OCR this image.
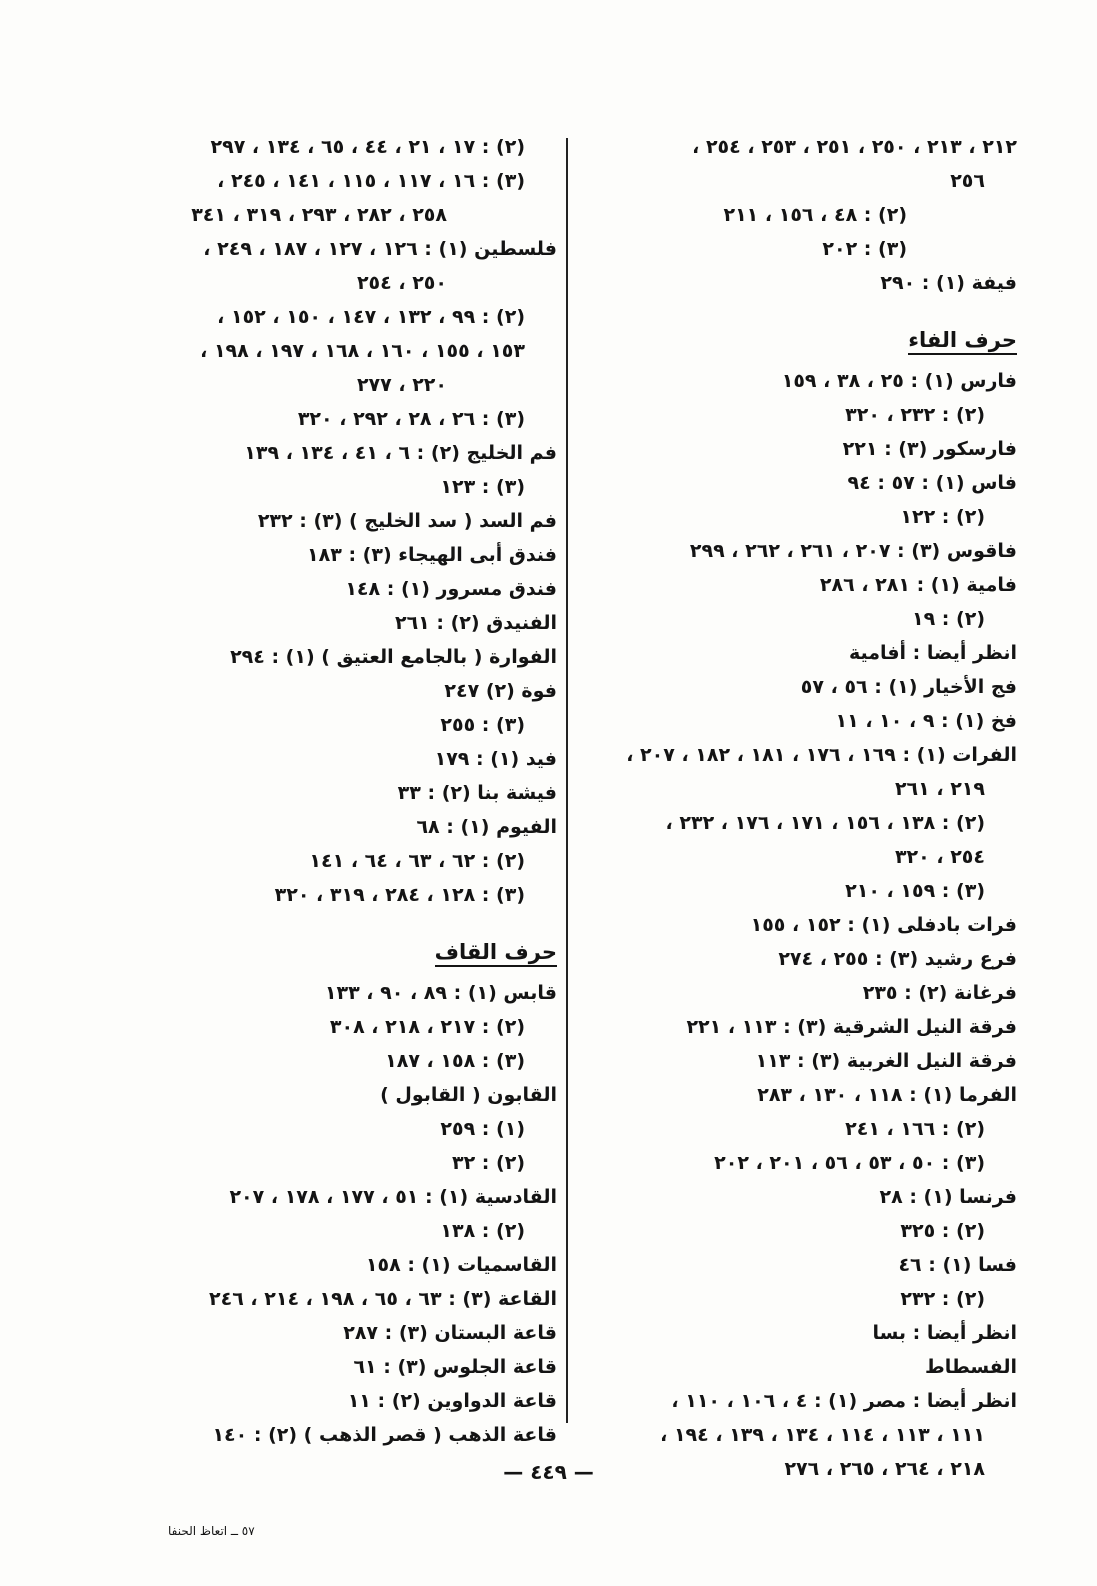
٢١٢ ، ٢١٣ ، ٢٥٠ ، ٢٥١ ، ٢٥٣ ، ٢٥٤ ،
٢٥٦
(٢) : ٤٨ ، ١٥٦ ، ٢١١
(٣) : ٢٠٢
فيفة (١) : ٢٩٠
حرف الفاء
فارس (١) : ٢٥ ، ٣٨ ، ١٥٩
(٢) : ٢٣٢ ، ٣٢٠
فارسكور (٣) : ٢٢١
فاس (١) : ٥٧ : ٩٤
(٢) : ١٢٢
فاقوس (٣) : ٢٠٧ ، ٢٦١ ، ٢٦٢ ، ٢٩٩
فامية (١) : ٢٨١ ، ٢٨٦
(٢) : ١٩
انظر أيضا : أفامية
فج الأخيار (١) : ٥٦ ، ٥٧
فخ (١) : ٩ ، ١٠ ، ١١
الفرات (١) : ١٦٩ ، ١٧٦ ، ١٨١ ، ١٨٢ ، ٢٠٧ ،
٢١٩ ، ٢٦١
(٢) : ١٣٨ ، ١٥٦ ، ١٧١ ، ١٧٦ ، ٢٣٢ ،
٢٥٤ ، ٣٢٠
(٣) : ١٥٩ ، ٢١٠
فرات بادفلى (١) : ١٥٢ ، ١٥٥
فرع رشيد (٣) : ٢٥٥ ، ٢٧٤
فرغانة (٢) : ٢٣٥
فرقة النيل الشرقية (٣) : ١١٣ ، ٢٢١
فرقة النيل الغربية (٣) : ١١٣
الفرما (١) : ١١٨ ، ١٣٠ ، ٢٨٣
(٢) : ١٦٦ ، ٢٤١
(٣) : ٥٠ ، ٥٣ ، ٥٦ ، ٢٠١ ، ٢٠٢
فرنسا (١) : ٢٨
(٢) : ٣٢٥
فسا (١) : ٤٦
(٢) : ٢٣٢
انظر أيضا : بسا
الفسطاط
انظر أيضا : مصر (١) : ٤ ، ١٠٦ ، ١١٠ ،
١١١ ، ١١٣ ، ١١٤ ، ١٣٤ ، ١٣٩ ، ١٩٤ ،
٢١٨ ، ٢٦٤ ، ٢٦٥ ، ٢٧٦
(٢) : ١٧ ، ٢١ ، ٤٤ ، ٦٥ ، ١٣٤ ، ٢٩٧
(٣) : ١٦ ، ١١٧ ، ١١٥ ، ١٤١ ، ٢٤٥ ،
٢٥٨ ، ٢٨٢ ، ٢٩٣ ، ٣١٩ ، ٣٤١
فلسطين (١) : ١٢٦ ، ١٢٧ ، ١٨٧ ، ٢٤٩ ،
٢٥٠ ، ٢٥٤
(٢) : ٩٩ ، ١٣٢ ، ١٤٧ ، ١٥٠ ، ١٥٢ ،
١٥٣ ، ١٥٥ ، ١٦٠ ، ١٦٨ ، ١٩٧ ، ١٩٨ ،
٢٢٠ ، ٢٧٧
(٣) : ٢٦ ، ٢٨ ، ٢٩٢ ، ٣٢٠
فم الخليج (٢) : ٦ ، ٤١ ، ١٣٤ ، ١٣٩
(٣) : ١٢٣
فم السد ( سد الخليج ) (٣) : ٢٣٢
فندق أبى الهيجاء (٣) : ١٨٣
فندق مسرور (١) : ١٤٨
الفنيدق (٢) : ٢٦١
الفوارة ( بالجامع العتيق ) (١) : ٢٩٤
فوة (٢) ٢٤٧
(٣) : ٢٥٥
فيد (١) : ١٧٩
فيشة بنا (٢) : ٣٣
الفيوم (١) : ٦٨
(٢) : ٦٢ ، ٦٣ ، ٦٤ ، ١٤١
(٣) : ١٢٨ ، ٢٨٤ ، ٣١٩ ، ٣٢٠
حرف القاف
قابس (١) : ٨٩ ، ٩٠ ، ١٣٣
(٢) : ٢١٧ ، ٢١٨ ، ٣٠٨
(٣) : ١٥٨ ، ١٨٧
القابون ( القابول )
(١) : ٢٥٩
(٢) : ٣٢
القادسية (١) : ٥١ ، ١٧٧ ، ١٧٨ ، ٢٠٧
(٢) : ١٣٨
القاسميات (١) : ١٥٨
القاعة (٣) : ٦٣ ، ٦٥ ، ١٩٨ ، ٢١٤ ، ٢٤٦
قاعة البستان (٣) : ٢٨٧
قاعة الجلوس (٣) : ٦١
قاعة الدواوين (٢) : ١١
قاعة الذهب ( قصر الذهب ) (٢) : ١٤٠
— ٤٤٩ —
٥٧ ــ اتعاظ الحنفا
